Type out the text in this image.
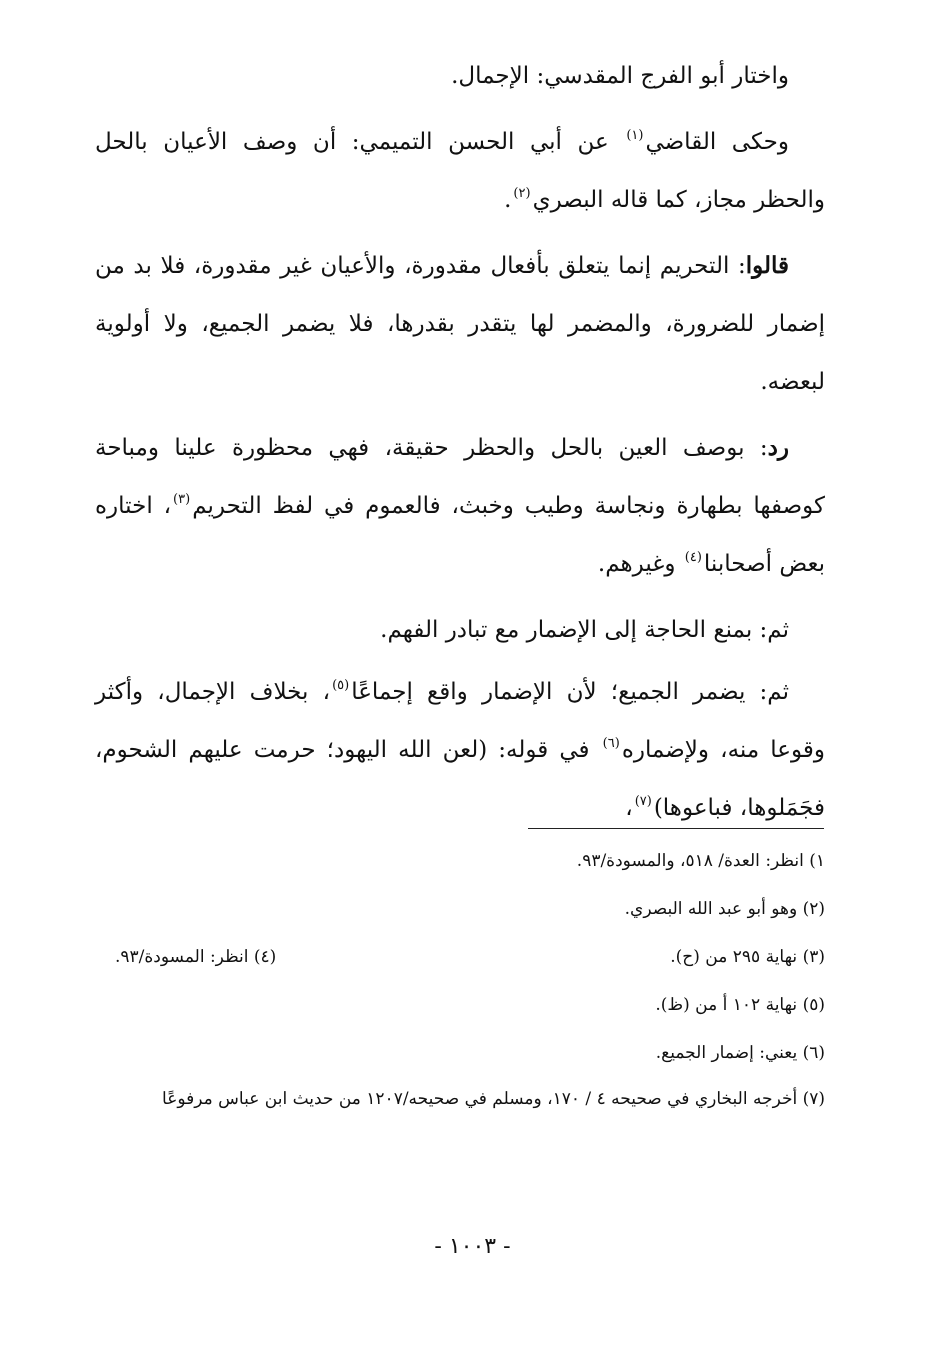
واختار أبو الفرج المقدسي: الإجمال.

وحكى القاضي$^{(١)}$ عن أبي الحسن التميمي: أن وصف الأعيان بالحل والحظر مجاز، كما قاله البصري$^{(٢)}$.

قالوا: التحريم إنما يتعلق بأفعال مقدورة، والأعيان غير مقدورة، فلا بد من إضمار للضرورة، والمضمر لها يتقدر بقدرها، فلا يضمر الجميع، ولا أولوية لبعضه.

رد: بوصف العين بالحل والحظر حقيقة، فهي محظورة علينا ومباحة كوصفها بطهارة ونجاسة وطيب وخبث، فالعموم في لفظ التحريم$^{(٣)}$، اختاره بعض أصحابنا$^{(٤)}$ وغيرهم.

ثم: بمنع الحاجة إلى الإضمار مع تبادر الفهم.

ثم: يضمر الجميع؛ لأن الإضمار واقع إجماعًا$^{(٥)}$، بخلاف الإجمال، وأكثر وقوعا منه، ولإضماره$^{(٦)}$ في قوله: (لعن الله اليهود؛ حرمت عليهم الشحوم، فجَمَلوها، فباعوها)$^{(٧)}$،

١) انظر: العدة/ ٥١٨، والمسودة/٩٣.

(٢) وهو أبو عبد الله البصري.

(٣) نهاية ٢٩٥ من (ح).

(٤) انظر: المسودة/٩٣.

(٥) نهاية ١٠٢ أ من (ظ).

(٦) يعني: إضمار الجميع.

(٧) أخرجه البخاري في صحيحه ٤ / ١٧٠، ومسلم في صحيحه/١٢٠٧ من حديث ابن عباس مرفوعًا

- ١٠٠٣ -
